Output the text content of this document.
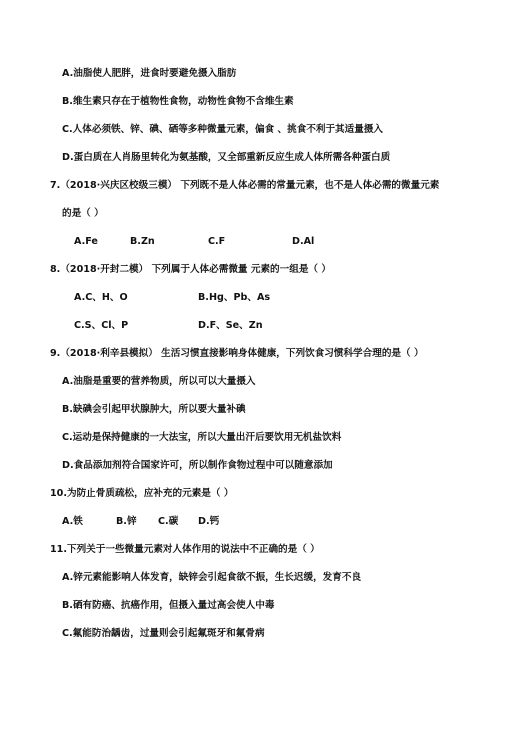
A.油脂使人肥胖，进食时要避免摄入脂肪
B.维生素只存在于植物性食物，动物性食物不含维生素
C.人体必须铁、锌、碘、硒等多种微量元素，偏食 、挑食不利于其适量摄入
D.蛋白质在人肖肠里转化为氨基酸，又全部重新反应生成人体所需各种蛋白质
7.（2018·兴庆区校级三模） 下列既不是人体必需的常量元素，也不是人体必需的微量元素
的是（ ）
A.Fe	B.Zn	C.F	D.Al
8.（2018·开封二模） 下列属于人体必需微量 元素的一组是（ ）
A.C、H、O	B.Hg、Pb、As
C.S、Cl、P	D.F、Se、Zn
9.（2018·利辛县模拟） 生活习惯直接影响身体健康，下列饮食习惯科学合理的是（ ）
A.油脂是重要的营养物质，所以可以大量摄入
B.缺碘会引起甲状腺肿大，所以要大量补碘
C.运动是保持健康的一大法宝，所以大量出汗后要饮用无机盐饮料
D.食品添加剂符合国家许可，所以制作食物过程中可以随意添加
10.为防止骨质疏松，应补充的元素是（ ）
A.铁	B.锌 C.碳 D.钙
11.下列关于一些微量元素对人体作用的说法中不正确的是（ ）
A.锌元素能影响人体发育，缺锌会引起食欲不振，生长迟缓，发育不良
B.硒有防癌、抗癌作用，但摄入量过高会使人中毒
C.氟能防治龋齿，过量则会引起氟斑牙和氟骨病
